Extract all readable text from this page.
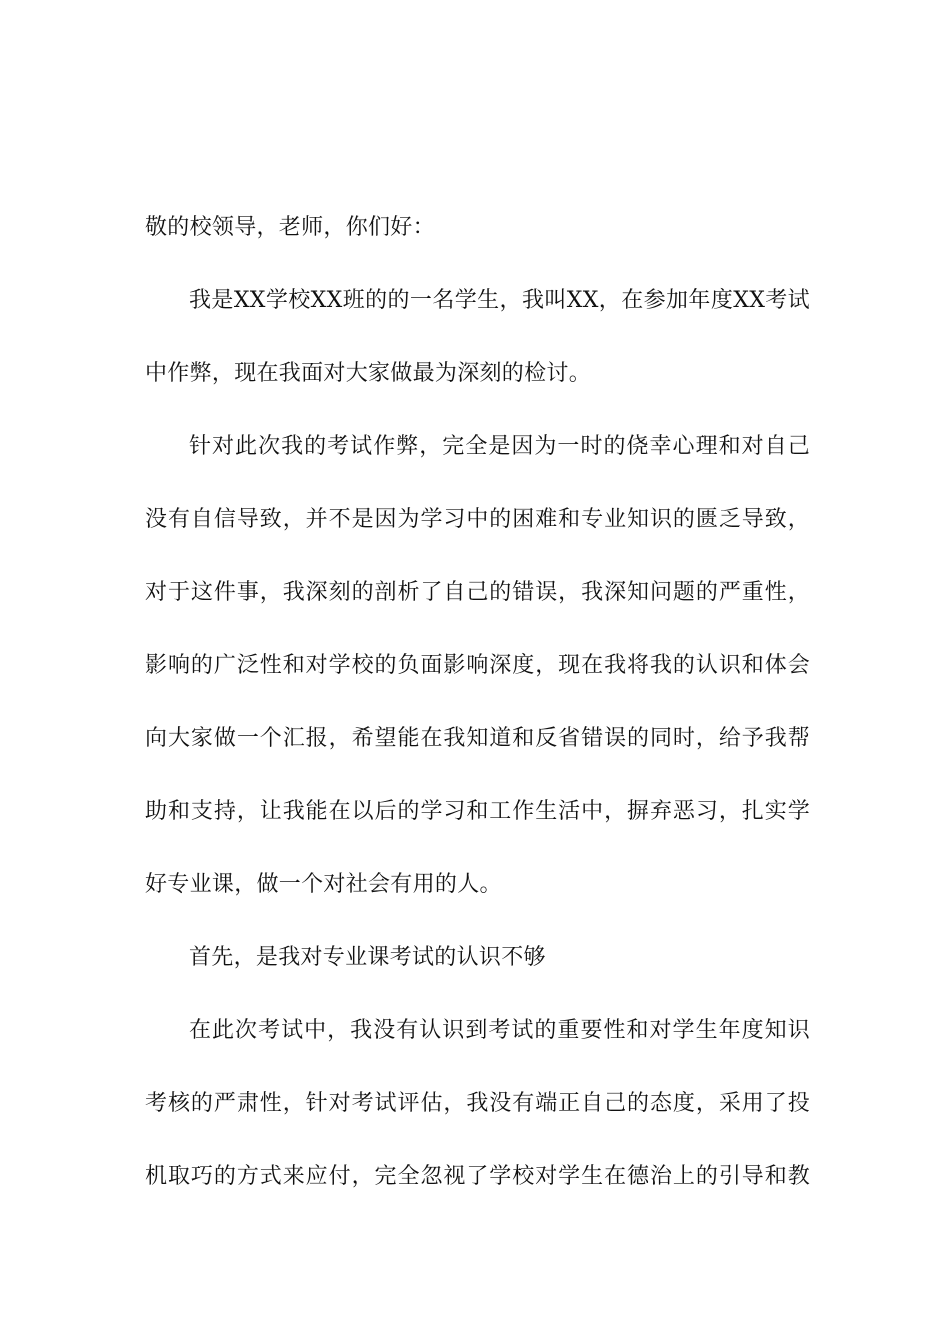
敬的校领导，老师，你们好：
我是XX学校XX班的的一名学生，我叫XX，在参加年度XX考试
中作弊，现在我面对大家做最为深刻的检讨。
针对此次我的考试作弊，完全是因为一时的侥幸心理和对自己
没有自信导致，并不是因为学习中的困难和专业知识的匮乏导致，
对于这件事，我深刻的剖析了自己的错误，我深知问题的严重性，
影响的广泛性和对学校的负面影响深度，现在我将我的认识和体会
向大家做一个汇报，希望能在我知道和反省错误的同时，给予我帮
助和支持，让我能在以后的学习和工作生活中，摒弃恶习，扎实学
好专业课，做一个对社会有用的人。
首先，是我对专业课考试的认识不够
在此次考试中，我没有认识到考试的重要性和对学生年度知识
考核的严肃性，针对考试评估，我没有端正自己的态度，采用了投
机取巧的方式来应付，完全忽视了学校对学生在德治上的引导和教
